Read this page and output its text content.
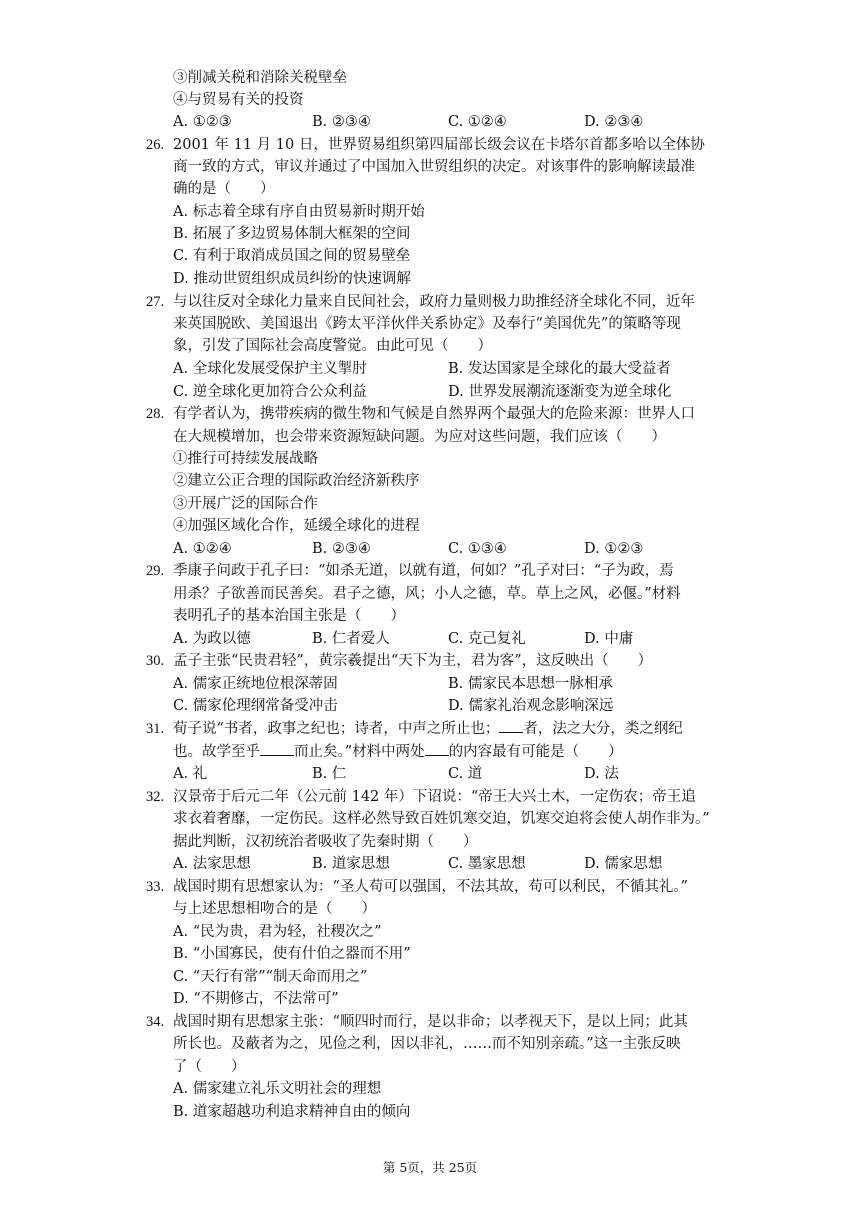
③削减关税和消除关税壁垒
④与贸易有关的投资
A. ①②③	B. ②③④	C. ①②④	D. ②③④
26. 2001 年 11 月 10 日，世界贸易组织第四届部长级会议在卡塔尔首都多哈以全体协
商一致的方式，审议并通过了中国加入世贸组织的决定。对该事件的影响解读最准
确的是（　　）
A. 标志着全球有序自由贸易新时期开始
B. 拓展了多边贸易体制大框架的空间
C. 有利于取消成员国之间的贸易壁垒
D. 推动世贸组织成员纠纷的快速调解
27. 与以往反对全球化力量来自民间社会，政府力量则极力助推经济全球化不同，近年
来英国脱欧、美国退出《跨太平洋伙伴关系协定》及奉行“美国优先”的策略等现
象，引发了国际社会高度警觉。由此可见（　　）
A. 全球化发展受保护主义掣肘	B. 发达国家是全球化的最大受益者
C. 逆全球化更加符合公众利益	D. 世界发展潮流逐渐变为逆全球化
28. 有学者认为，携带疾病的微生物和气候是自然界两个最强大的危险来源：世界人口
在大规模增加，也会带来资源短缺问题。为应对这些问题，我们应该（　　）
①推行可持续发展战略
②建立公正合理的国际政治经济新秩序
③开展广泛的国际合作
④加强区域化合作，延缓全球化的进程
A. ①②④	B. ②③④	C. ①③④	D. ①②③
29. 季康子问政于孔子曰：“如杀无道，以就有道，何如？”孔子对曰：“子为政，焉
用杀？子欲善而民善矣。君子之德，风；小人之德，草。草上之风，必偃。”材料
表明孔子的基本治国主张是（　　）
A. 为政以德	B. 仁者爱人	C. 克己复礼	D. 中庸
30. 孟子主张“民贵君轻”，黄宗羲提出“天下为主，君为客”，这反映出（　　）
A. 儒家正统地位根深蒂固	B. 儒家民本思想一脉相承
C. 儒家伦理纲常备受冲击	D. 儒家礼治观念影响深远
31. 荀子说“书者，政事之纪也；诗者，中声之所止也； 者，法之大分，类之纲纪
也。故学至乎 而止矣。”材料中两处 的内容最有可能是（　　）
A. 礼	B. 仁	C. 道	D. 法
32. 汉景帝于后元二年（公元前 142 年）下诏说：“帝王大兴土木，一定伤农；帝王追
求衣着奢靡，一定伤民。这样必然导致百姓饥寒交迫，饥寒交迫将会使人胡作非为。”
据此判断，汉初统治者吸收了先秦时期（　　）
A. 法家思想	B. 道家思想	C. 墨家思想	D. 儒家思想
33. 战国时期有思想家认为：“圣人苟可以强国，不法其故，苟可以利民，不循其礼。”
与上述思想相吻合的是（　　）
A. “民为贵，君为轻，社稷次之”
B. “小国寡民，使有什伯之器而不用”
C. “天行有常”“制天命而用之”
D. “不期修古，不法常可”
34. 战国时期有思想家主张：“顺四时而行，是以非命；以孝视天下，是以上同；此其
所长也。及蔽者为之，见俭之利，因以非礼，……而不知别亲疏。”这一主张反映
了（　　）
A. 儒家建立礼乐文明社会的理想
B. 道家超越功利追求精神自由的倾向
第 5页，共 25页
